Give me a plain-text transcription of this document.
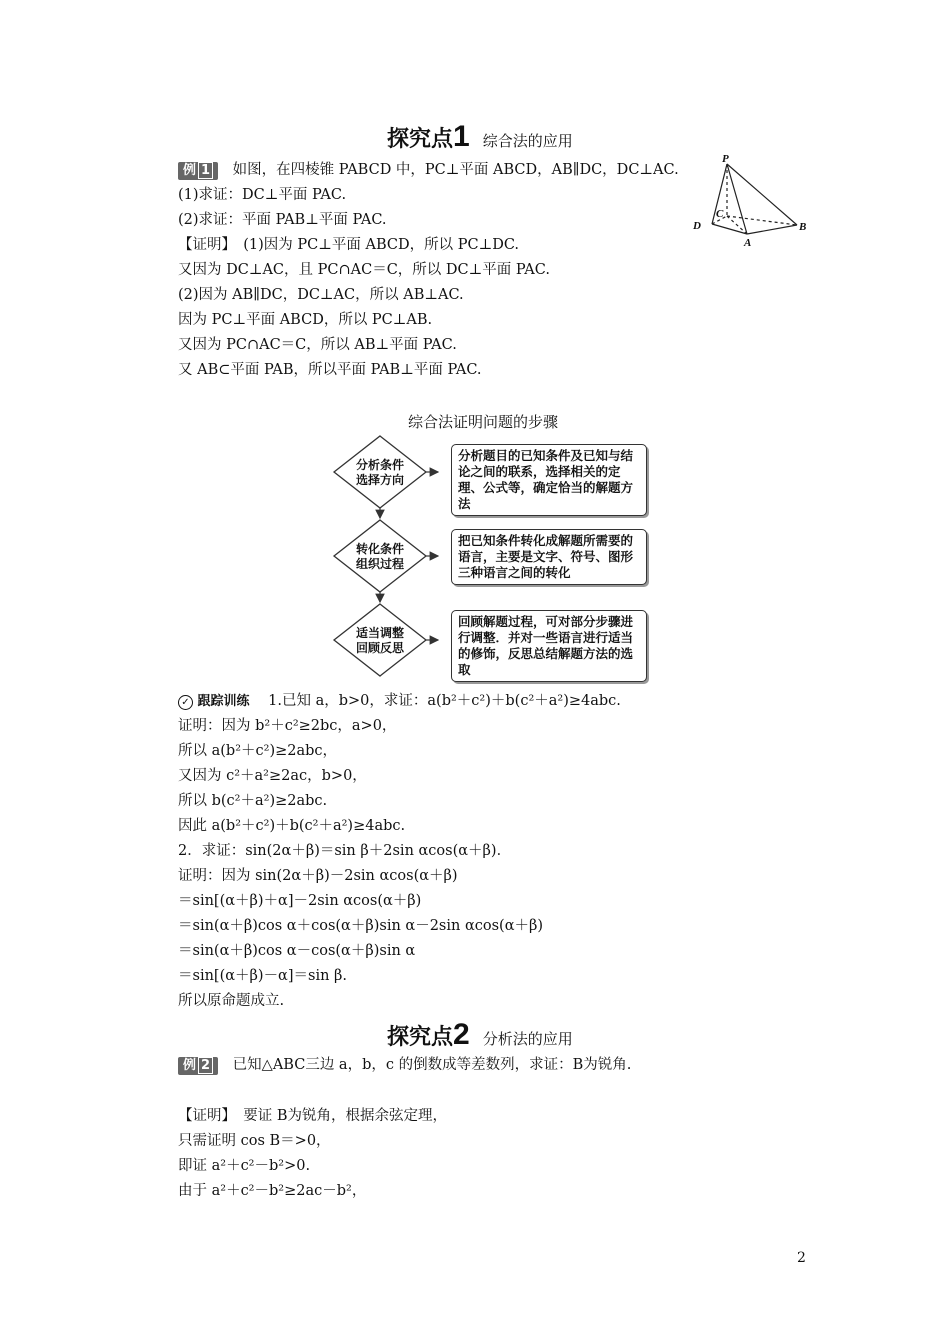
探究点1 综合法的应用
例 1 如图，在四棱锥 PABCD 中，PC⊥平面 ABCD，AB∥DC，DC⊥AC.
(1)求证：DC⊥平面 PAC.
(2)求证：平面 PAB⊥平面 PAC.
【证明】　(1)因为 PC⊥平面 ABCD，所以 PC⊥DC.
又因为 DC⊥AC，且 PC∩AC＝C，所以 DC⊥平面 PAC.
(2)因为 AB∥DC，DC⊥AC，所以 AB⊥AC.
因为 PC⊥平面 ABCD，所以 PC⊥AB.
又因为 PC∩AC＝C，所以 AB⊥平面 PAC.
又 AB⊂平面 PAB，所以平面 PAB⊥平面 PAC.
P
C
D
A
B
综合法证明问题的步骤
分析条件
选择方向
转化条件
组织过程
适当调整
回顾反思
分析题目的已知条件及已知与结论之间的联系，选择相关的定理、公式等，确定恰当的解题方法
把已知条件转化成解题所需要的语言，主要是文字、符号、图形三种语言之间的转化
回顾解题过程，可对部分步骤进行调整．并对一些语言进行适当的修饰，反思总结解题方法的选取
✓ 跟踪训练 1.已知 a，b>0，求证：a(b²＋c²)＋b(c²＋a²)≥4abc.
证明：因为 b²＋c²≥2bc，a>0，
所以 a(b²＋c²)≥2abc，
又因为 c²＋a²≥2ac，b>0，
所以 b(c²＋a²)≥2abc.
因此 a(b²＋c²)＋b(c²＋a²)≥4abc.
2．求证：sin(2α＋β)＝sin β＋2sin αcos(α＋β)．
证明：因为 sin(2α＋β)－2sin αcos(α＋β)
＝sin[(α＋β)＋α]－2sin αcos(α＋β)
＝sin(α＋β)cos α＋cos(α＋β)sin α－2sin αcos(α＋β)
＝sin(α＋β)cos α－cos(α＋β)sin α
＝sin[(α＋β)－α]＝sin β.
所以原命题成立.
探究点2 分析法的应用
例 2 已知△ABC三边 a，b，c 的倒数成等差数列，求证：B为锐角.
【证明】　要证 B为锐角，根据余弦定理，
只需证明 cos B＝>0，
即证 a²＋c²－b²>0.
由于 a²＋c²－b²≥2ac－b²，
2
